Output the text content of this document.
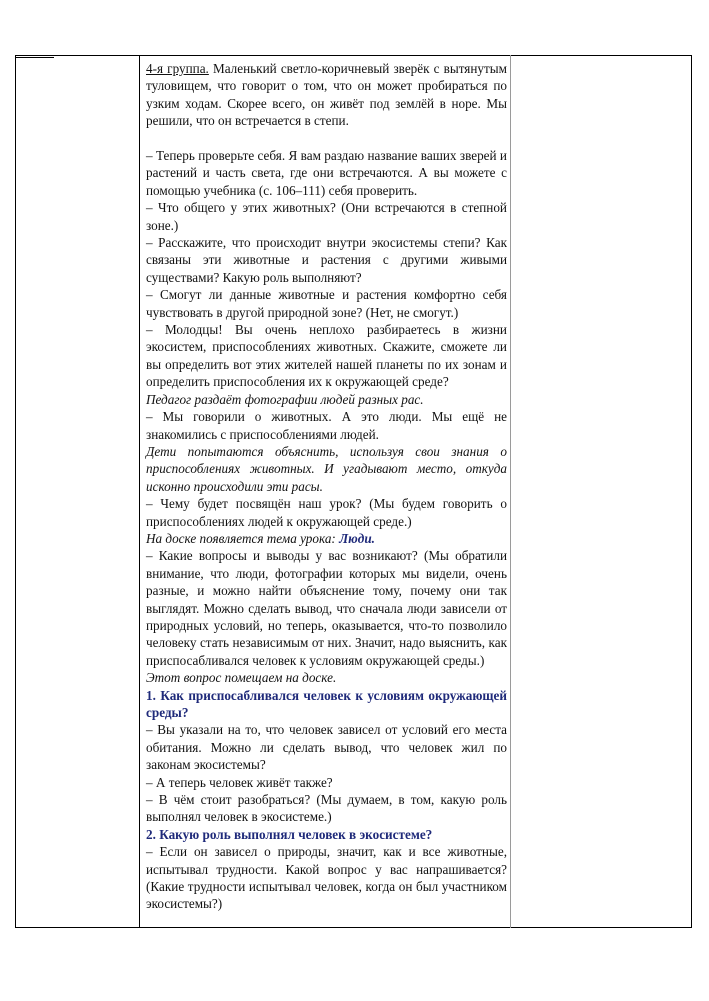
4-я группа. Маленький светло-коричневый зверёк с вытянутым туловищем, что говорит о том, что он может пробираться по узким ходам. Скорее всего, он живёт под землёй в норе. Мы решили, что он встречается в степи.

– Теперь проверьте себя. Я вам раздаю название ваших зверей и растений и часть света, где они встречаются. А вы можете с помощью учебника (с. 106–111) себя проверить.

– Что общего у этих животных? (Они встречаются в степной зоне.)

– Расскажите, что происходит внутри экосистемы степи? Как связаны эти животные и растения с другими живыми существами? Какую роль выполняют?

– Смогут ли данные животные и растения комфортно себя чувствовать в другой природной зоне? (Нет, не смогут.)

– Молодцы! Вы очень неплохо разбираетесь в жизни экосистем, приспособлениях животных. Скажите, сможете ли вы определить вот этих жителей нашей планеты по их зонам и определить приспособления их к окружающей среде?

Педагог раздаёт фотографии людей разных рас.

– Мы говорили о животных. А это люди. Мы ещё не знакомились с приспособлениями людей.

Дети попытаются объяснить, используя свои знания о приспособлениях животных. И угадывают место, откуда исконно происходили эти расы.

– Чему будет посвящён наш урок? (Мы будем говорить о приспособлениях людей к окружающей среде.)

На доске появляется тема урока: Люди.

– Какие вопросы и выводы у вас возникают? (Мы обратили внимание, что люди, фотографии которых мы видели, очень разные, и можно найти объяснение тому, почему они так выглядят. Можно сделать вывод, что сначала люди зависели от природных условий, но теперь, оказывается, что-то позволило человеку стать независимым от них. Значит, надо выяснить, как приспосабливался человек к условиям окружающей среды.)

Этот вопрос помещаем на доске.

1. Как приспосабливался человек к условиям окружающей среды?

– Вы указали на то, что человек зависел от условий его места обитания. Можно ли сделать вывод, что человек жил по законам экосистемы?

– А теперь человек живёт также?

– В чём стоит разобраться? (Мы думаем, в том, какую роль выполнял человек в экосистеме.)

2. Какую роль выполнял человек в экосистеме?

– Если он зависел о природы, значит, как и все животные, испытывал трудности. Какой вопрос у вас напрашивается? (Какие трудности испытывал человек, когда он был участником экосистемы?)
